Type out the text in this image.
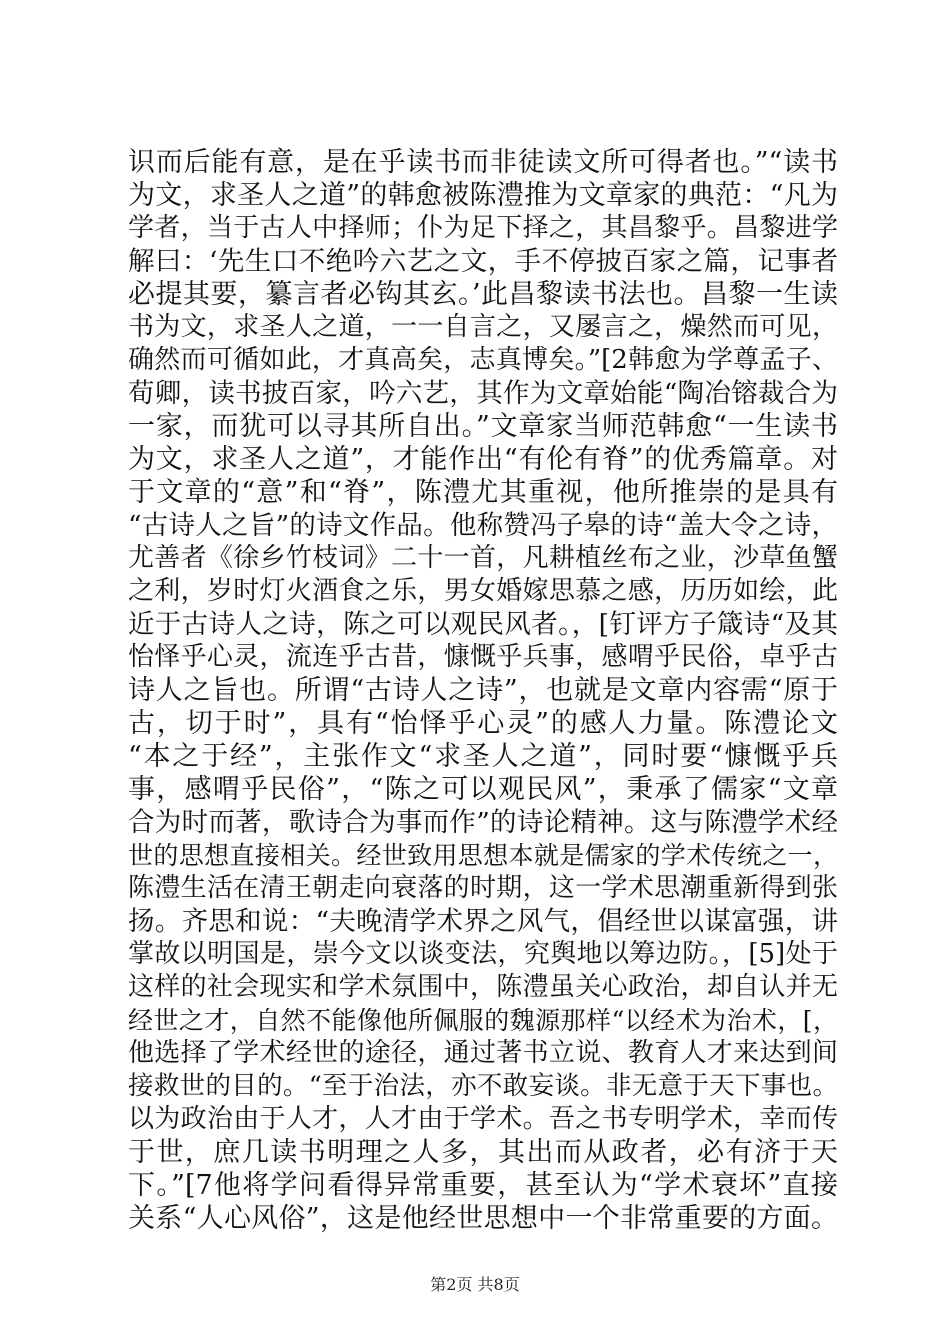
识而后能有意，是在乎读书而非徒读文所可得者也。”“读书
为文，求圣人之道”的韩愈被陈澧推为文章家的典范：“凡为
学者，当于古人中择师；仆为足下择之，其昌黎乎。昌黎进学
解曰：‘先生口不绝吟六艺之文，手不停披百家之篇，记事者
必提其要，纂言者必钩其玄。’此昌黎读书法也。昌黎一生读
书为文，求圣人之道，一一自言之，又屡言之，燥然而可见，
确然而可循如此，才真高矣，志真博矣。”[2韩愈为学尊孟子、
荀卿，读书披百家，吟六艺，其作为文章始能“陶冶镕裁合为
一家，而犹可以寻其所自出。”文章家当师范韩愈“一生读书
为文，求圣人之道”，才能作出“有伦有脊”的优秀篇章。对
于文章的“意”和“脊”，陈澧尤其重视，他所推崇的是具有
“古诗人之旨”的诗文作品。他称赞冯子皋的诗“盖大令之诗，
尤善者《徐乡竹枝词》二十一首，凡耕植丝布之业，沙草鱼蟹
之利，岁时灯火酒食之乐，男女婚嫁思慕之感，历历如绘，此
近于古诗人之诗，陈之可以观民风者。，[钉评方子箴诗“及其
怡怿乎心灵，流连乎古昔，慷慨乎兵事，感喟乎民俗，卓乎古
诗人之旨也。所谓“古诗人之诗”，也就是文章内容需“原于
古，切于时”，具有“怡怿乎心灵”的感人力量。陈澧论文
“本之于经”，主张作文“求圣人之道”，同时要“慷慨乎兵
事，感喟乎民俗”，“陈之可以观民风”，秉承了儒家“文章
合为时而著，歌诗合为事而作”的诗论精神。这与陈澧学术经
世的思想直接相关。经世致用思想本就是儒家的学术传统之一，
陈澧生活在清王朝走向衰落的时期，这一学术思潮重新得到张
扬。齐思和说：“夫晚清学术界之风气，倡经世以谋富强，讲
掌故以明国是，崇今文以谈变法，究舆地以筹边防。，[5]处于
这样的社会现实和学术氛围中，陈澧虽关心政治，却自认并无
经世之才，自然不能像他所佩服的魏源那样“以经术为治术，[，
他选择了学术经世的途径，通过著书立说、教育人才来达到间
接救世的目的。“至于治法，亦不敢妄谈。非无意于天下事也。
以为政治由于人才，人才由于学术。吾之书专明学术，幸而传
于世，庶几读书明理之人多，其出而从政者，必有济于天
下。”[7他将学问看得异常重要，甚至认为“学术衰坏”直接
关系“人心风俗”，这是他经世思想中一个非常重要的方面。
第2页 共8页
